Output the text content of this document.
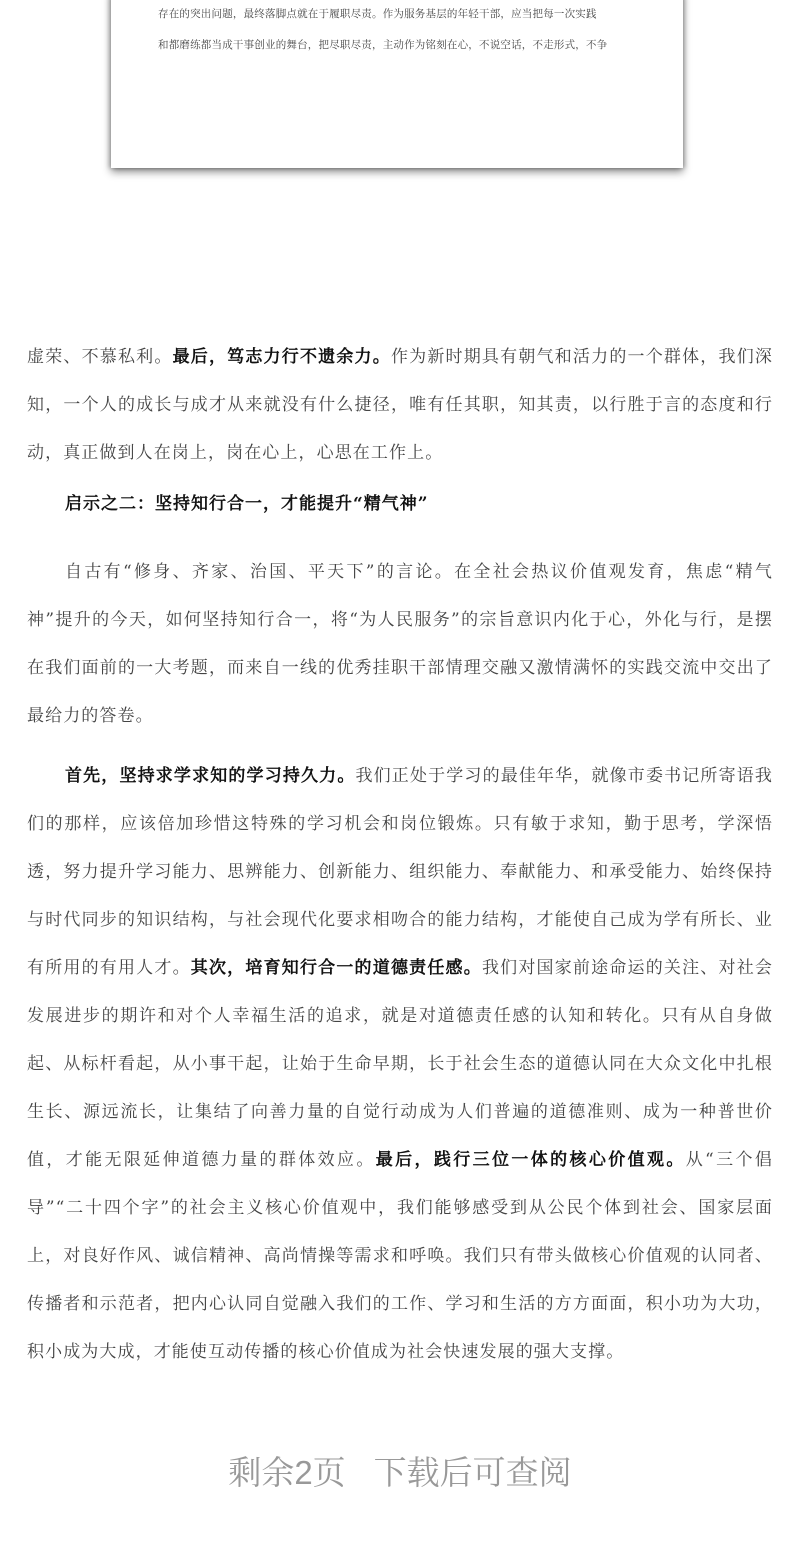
存在的突出问题，最终落脚点就在于履职尽责。作为服务基层的年轻干部，应当把每一次实践

和都磨练都当成干事创业的舞台，把尽职尽责，主动作为铭刻在心，不说空话，不走形式，不争

虚荣、不慕私利。最后，笃志力行不遗余力。作为新时期具有朝气和活力的一个群体，我们深知，一个人的成长与成才从来就没有什么捷径，唯有任其职，知其责，以行胜于言的态度和行动，真正做到人在岗上，岗在心上，心思在工作上。

启示之二：坚持知行合一，才能提升“精气神”

自古有“修身、齐家、治国、平天下”的言论。在全社会热议价值观发育，焦虑“精气神”提升的今天，如何坚持知行合一，将“为人民服务”的宗旨意识内化于心，外化与行，是摆在我们面前的一大考题，而来自一线的优秀挂职干部情理交融又激情满怀的实践交流中交出了最给力的答卷。

首先，坚持求学求知的学习持久力。我们正处于学习的最佳年华，就像市委书记所寄语我们的那样，应该倍加珍惜这特殊的学习机会和岗位锻炼。只有敏于求知，勤于思考，学深悟透，努力提升学习能力、思辨能力、创新能力、组织能力、奉献能力、和承受能力、始终保持与时代同步的知识结构，与社会现代化要求相吻合的能力结构，才能使自己成为学有所长、业有所用的有用人才。其次，培育知行合一的道德责任感。我们对国家前途命运的关注、对社会发展进步的期许和对个人幸福生活的追求，就是对道德责任感的认知和转化。只有从自身做起、从标杆看起，从小事干起，让始于生命早期，长于社会生态的道德认同在大众文化中扎根生长、源远流长，让集结了向善力量的自觉行动成为人们普遍的道德准则、成为一种普世价值，才能无限延伸道德力量的群体效应。最后，践行三位一体的核心价值观。从“三个倡导”“二十四个字”的社会主义核心价值观中，我们能够感受到从公民个体到社会、国家层面上，对良好作风、诚信精神、高尚情操等需求和呼唤。我们只有带头做核心价值观的认同者、传播者和示范者，把内心认同自觉融入我们的工作、学习和生活的方方面面，积小功为大功，积小成为大成，才能使互动传播的核心价值成为社会快速发展的强大支撑。

剩余2页 下载后可查阅
